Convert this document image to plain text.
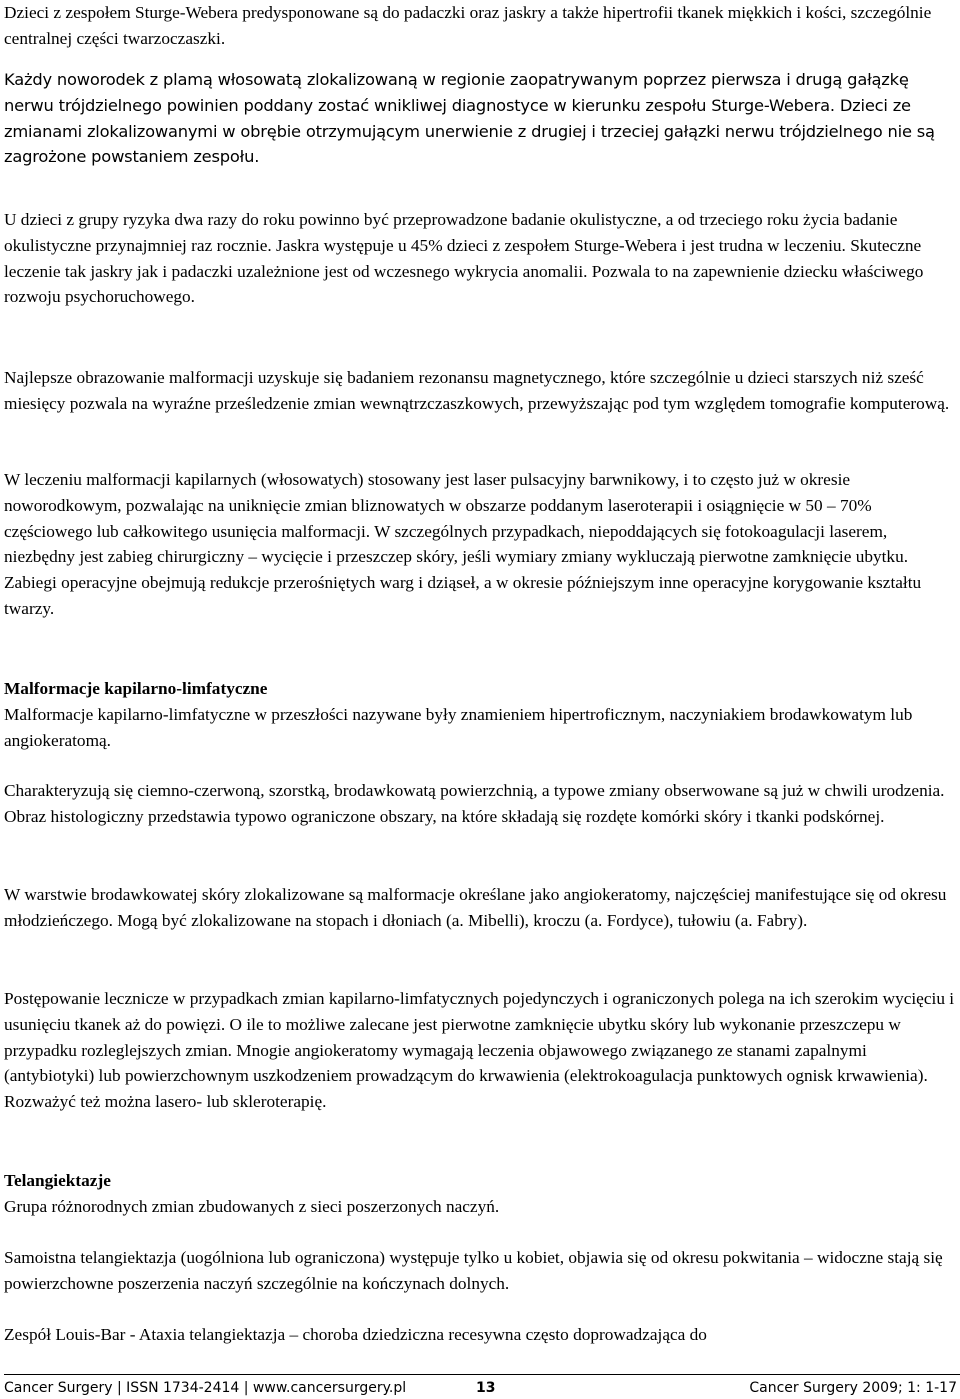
Dzieci z zespołem Sturge-Webera predysponowane są do padaczki oraz jaskry a także hipertrofii tkanek miękkich i kości, szczególnie centralnej części twarzoczaszki.
Każdy noworodek z plamą włosowatą zlokalizowaną w regionie zaopatrywanym poprzez pierwsza i drugą gałązkę nerwu trójdzielnego powinien poddany zostać wnikliwej diagnostyce w kierunku zespołu Sturge-Webera. Dzieci ze zmianami zlokalizowanymi w obrębie otrzymującym unerwienie z drugiej i trzeciej gałązki nerwu trójdzielnego nie są zagrożone powstaniem zespołu.
U dzieci z grupy ryzyka dwa razy do roku powinno być przeprowadzone badanie okulistyczne, a od trzeciego roku życia badanie okulistyczne przynajmniej raz rocznie. Jaskra występuje u 45% dzieci z zespołem Sturge-Webera i jest trudna w leczeniu. Skuteczne leczenie tak jaskry jak i padaczki uzależnione jest od wczesnego wykrycia anomalii. Pozwala to na zapewnienie dziecku właściwego rozwoju psychoruchowego.
Najlepsze obrazowanie malformacji uzyskuje się badaniem rezonansu magnetycznego, które szczególnie u dzieci starszych niż sześć miesięcy pozwala na wyraźne prześledzenie zmian wewnątrzczaszkowych, przewyższając pod tym względem tomografie komputerową.
W leczeniu malformacji kapilarnych (włosowatych) stosowany jest laser pulsacyjny barwnikowy, i to często już w okresie noworodkowym, pozwalając na uniknięcie zmian bliznowatych w obszarze poddanym laseroterapii i osiągnięcie w 50 – 70% częściowego lub całkowitego usunięcia malformacji. W szczególnych przypadkach, niepoddających się fotokoagulacji laserem, niezbędny jest zabieg chirurgiczny – wycięcie i przeszczep skóry, jeśli wymiary zmiany wykluczają pierwotne zamknięcie ubytku. Zabiegi operacyjne obejmują redukcje przerośniętych warg i dziąseł, a w okresie późniejszym inne operacyjne korygowanie kształtu twarzy.
Malformacje kapilarno-limfatyczne
Malformacje kapilarno-limfatyczne w przeszłości nazywane były znamieniem hipertroficznym, naczyniakiem brodawkowatym lub angiokeratomą.
Charakteryzują się ciemno-czerwoną, szorstką, brodawkowatą powierzchnią, a typowe zmiany obserwowane są już w chwili urodzenia. Obraz histologiczny przedstawia typowo ograniczone obszary, na które składają się rozdęte komórki skóry i tkanki podskórnej.
W warstwie brodawkowatej skóry zlokalizowane są malformacje określane jako angiokeratomy, najczęściej manifestujące się od okresu młodzieńczego. Mogą być zlokalizowane na stopach i dłoniach (a. Mibelli), kroczu (a. Fordyce), tułowiu (a. Fabry).
Postępowanie lecznicze w przypadkach zmian kapilarno-limfatycznych pojedynczych i ograniczonych polega na ich szerokim wycięciu i usunięciu tkanek aż do powięzi. O ile to możliwe zalecane jest pierwotne zamknięcie ubytku skóry lub wykonanie przeszczepu w przypadku rozleglejszych zmian. Mnogie angiokeratomy wymagają leczenia objawowego związanego ze stanami zapalnymi (antybiotyki) lub powierzchownym uszkodzeniem prowadzącym do krwawienia (elektrokoagulacja punktowych ognisk krwawienia). Rozważyć też można lasero- lub skleroterapię.
Telangiektazje
Grupa różnorodnych zmian zbudowanych z sieci poszerzonych naczyń.
Samoistna telangiektazja (uogólniona lub ograniczona) występuje tylko u kobiet, objawia się od okresu pokwitania – widoczne stają się powierzchowne poszerzenia naczyń szczególnie na kończynach dolnych.
Zespół Louis-Bar - Ataxia telangiektazja – choroba dziedziczna recesywna często doprowadzająca do
Cancer Surgery | ISSN 1734-2414 | www.cancersurgery.pl	13	Cancer Surgery 2009; 1: 1-17
